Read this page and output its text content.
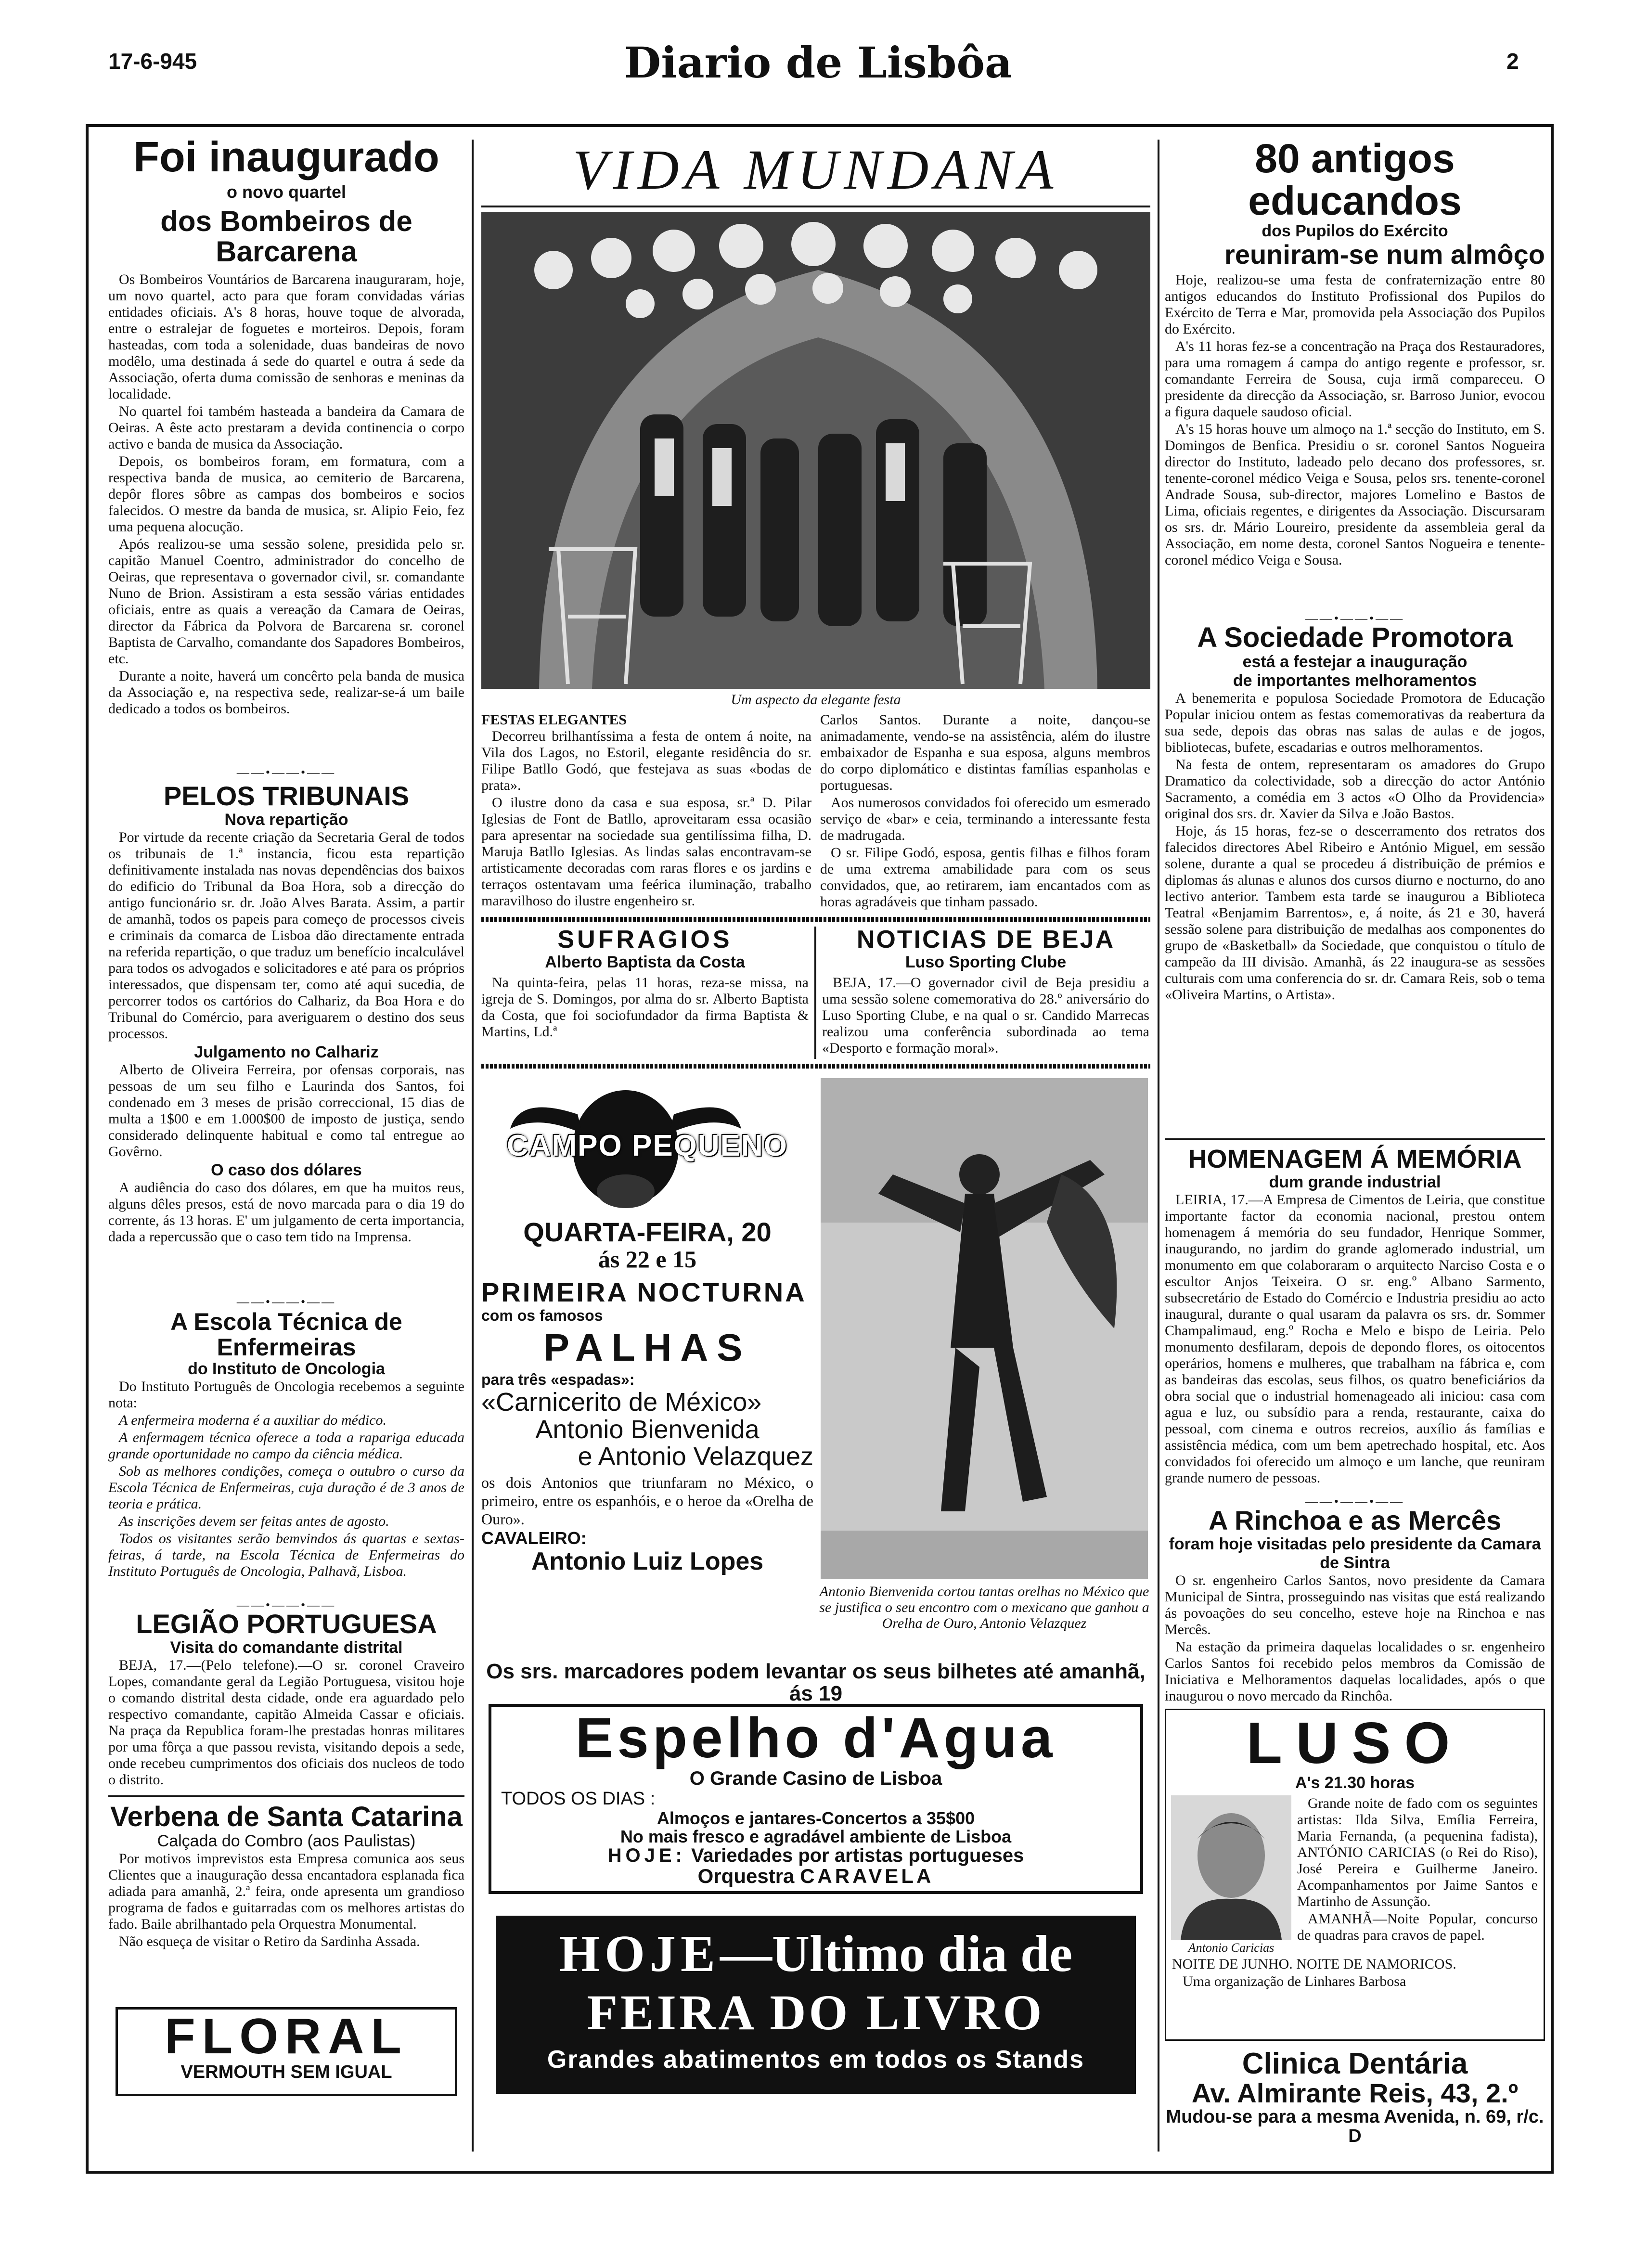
17-6-945	Diario de Lisbôa	2
Foi inaugurado
o novo quartel
dos Bombeiros de Barcarena

Os Bombeiros Vountários de Barcarena inauguraram, hoje, um novo quartel, acto para que foram convidadas várias entidades oficiais. A's 8 horas, houve toque de alvorada, entre o estralejar de foguetes e morteiros. Depois, foram hasteadas, com toda a solenidade, duas bandeiras de novo modêlo, uma destinada á sede do quartel e outra á sede da Associação, oferta duma comissão de senhoras e meninas da localidade.

No quartel foi também hasteada a bandeira da Camara de Oeiras. A êste acto prestaram a devida continencia o corpo activo e banda de musica da Associação.

Depois, os bombeiros foram, em formatura, com a respectiva banda de musica, ao cemiterio de Barcarena, depôr flores sôbre as campas dos bombeiros e socios falecidos. O mestre da banda de musica, sr. Alipio Feio, fez uma pequena alocução.

Após realizou-se uma sessão solene, presidida pelo sr. capitão Manuel Coentro, administrador do concelho de Oeiras, que representava o governador civil, sr. comandante Nuno de Brion. Assistiram a esta sessão várias entidades oficiais, entre as quais a vereação da Camara de Oeiras, director da Fábrica da Polvora de Barcarena sr. coronel Baptista de Carvalho, comandante dos Sapadores Bombeiros, etc.

Durante a noite, haverá um concêrto pela banda de musica da Associação e, na respectiva sede, realizar-se-á um baile dedicado a todos os bombeiros.

——•——•——
PELOS TRIBUNAIS
Nova repartição

Por virtude da recente criação da Secretaria Geral de todos os tribunais de 1.ª instancia, ficou esta repartição definitivamente instalada nas novas dependências dos baixos do edificio do Tribunal da Boa Hora, sob a direcção do antigo funcionário sr. dr. João Alves Barata. Assim, a partir de amanhã, todos os papeis para começo de processos civeis e criminais da comarca de Lisboa dão directamente entrada na referida repartição, o que traduz um benefício incalculável para todos os advogados e solicitadores e até para os próprios interessados, que dispensam ter, como até aqui sucedia, de percorrer todos os cartórios do Calhariz, da Boa Hora e do Tribunal do Comércio, para averiguarem o destino dos seus processos.

Julgamento no Calhariz

Alberto de Oliveira Ferreira, por ofensas corporais, nas pessoas de um seu filho e Laurinda dos Santos, foi condenado em 3 meses de prisão correccional, 15 dias de multa a 1$00 e em 1.000$00 de imposto de justiça, sendo considerado delinquente habitual e como tal entregue ao Govêrno.

O caso dos dólares

A audiência do caso dos dólares, em que ha muitos reus, alguns dêles presos, está de novo marcada para o dia 19 do corrente, ás 13 horas. E' um julgamento de certa importancia, dada a repercussão que o caso tem tido na Imprensa.

——•——•——
A Escola Técnica de Enfermeiras
do Instituto de Oncologia

Do Instituto Português de Oncologia recebemos a seguinte nota:

A enfermeira moderna é a auxiliar do médico.

A enfermagem técnica oferece a toda a rapariga educada grande oportunidade no campo da ciência médica.

Sob as melhores condições, começa o outubro o curso da Escola Técnica de Enfermeiras, cuja duração é de 3 anos de teoria e prática.

As inscrições devem ser feitas antes de agosto.

Todos os visitantes serão bemvindos ás quartas e sextas-feiras, á tarde, na Escola Técnica de Enfermeiras do Instituto Português de Oncologia, Palhavã, Lisboa.

——•——•——
LEGIÃO PORTUGUESA
Visita do comandante distrital

BEJA, 17.—(Pelo telefone).—O sr. coronel Craveiro Lopes, comandante geral da Legião Portuguesa, visitou hoje o comando distrital desta cidade, onde era aguardado pelo respectivo comandante, capitão Almeida Cassar e oficiais. Na praça da Republica foram-lhe prestadas honras militares por uma fôrça a que passou revista, visitando depois a sede, onde recebeu cumprimentos dos oficiais dos nucleos de todo o distrito.

Verbena de Santa Catarina
Calçada do Combro (aos Paulistas)

Por motivos imprevistos esta Empresa comunica aos seus Clientes que a inauguração dessa encantadora esplanada fica adiada para amanhã, 2.ª feira, onde apresenta um grandioso programa de fados e guitarradas com os melhores artistas do fado. Baile abrilhantado pela Orquestra Monumental.

Não esqueça de visitar o Retiro da Sardinha Assada.

FLORAL
VERMOUTH SEM IGUAL
VIDA MUNDANA
Um aspecto da elegante festa
FESTAS ELEGANTES

Decorreu brilhantíssima a festa de ontem á noite, na Vila dos Lagos, no Estoril, elegante residência do sr. Filipe Batllo Godó, que festejava as suas «bodas de prata».

O ilustre dono da casa e sua esposa, sr.ª D. Pilar Iglesias de Font de Batllo, aproveitaram essa ocasião para apresentar na sociedade sua gentilíssima filha, D. Maruja Batllo Iglesias. As lindas salas encontravam-se artisticamente decoradas com raras flores e os jardins e terraços ostentavam uma feérica iluminação, trabalho maravilhoso do ilustre engenheiro sr.

Carlos Santos. Durante a noite, dançou-se animadamente, vendo-se na assistência, além do ilustre embaixador de Espanha e sua esposa, alguns membros do corpo diplomático e distintas famílias espanholas e portuguesas.

Aos numerosos convidados foi oferecido um esmerado serviço de «bar» e ceia, terminando a interessante festa de madrugada.

O sr. Filipe Godó, esposa, gentis filhas e filhos foram de uma extrema amabilidade para com os seus convidados, que, ao retirarem, iam encantados com as horas agradáveis que tinham passado.

SUFRAGIOS
Alberto Baptista da Costa

Na quinta-feira, pelas 11 horas, reza-se missa, na igreja de S. Domingos, por alma do sr. Alberto Baptista da Costa, que foi sociofundador da firma Baptista & Martins, Ld.ª

NOTICIAS DE BEJA
Luso Sporting Clube

BEJA, 17.—O governador civil de Beja presidiu a uma sessão solene comemorativa do 28.º aniversário do Luso Sporting Clube, e na qual o sr. Candido Marrecas realizou uma conferência subordinada ao tema «Desporto e formação moral».

CAMPO PEQUENO
QUARTA-FEIRA, 20
ás 22 e 15
PRIMEIRA NOCTURNA
com os famosos
PALHAS
para três «espadas»:
«Carnicerito de México»
Antonio Bienvenida
e Antonio Velazquez
os dois Antonios que triunfaram no México, o primeiro, entre os espanhóis, e o heroe da «Orelha de Ouro».
CAVALEIRO:
Antonio Luiz Lopes
Antonio Bienvenida cortou tantas orelhas no México que se justifica o seu encontro com o mexicano que ganhou a Orelha de Ouro, Antonio Velazquez
Os srs. marcadores podem levantar os seus bilhetes até amanhã, ás 19
Espelho d'Agua
O Grande Casino de Lisboa
TODOS OS DIAS :
Almoços e jantares-Concertos a 35$00
No mais fresco e agradável ambiente de Lisboa
HOJE: Variedades por artistas portugueses
Orquestra CARAVELA
HOJE—Ultimo dia de
FEIRA DO LIVRO
Grandes abatimentos em todos os Stands
80 antigos educandos
dos Pupilos do Exército
reuniram-se num almôço

Hoje, realizou-se uma festa de confraternização entre 80 antigos educandos do Instituto Profissional dos Pupilos do Exército de Terra e Mar, promovida pela Associação dos Pupilos do Exército.

A's 11 horas fez-se a concentração na Praça dos Restauradores, para uma romagem á campa do antigo regente e professor, sr. comandante Ferreira de Sousa, cuja irmã compareceu. O presidente da direcção da Associação, sr. Barroso Junior, evocou a figura daquele saudoso oficial.

A's 15 horas houve um almoço na 1.ª secção do Instituto, em S. Domingos de Benfica. Presidiu o sr. coronel Santos Nogueira director do Instituto, ladeado pelo decano dos professores, sr. tenente-coronel médico Veiga e Sousa, pelos srs. tenente-coronel Andrade Sousa, sub-director, majores Lomelino e Bastos de Lima, oficiais regentes, e dirigentes da Associação. Discursaram os srs. dr. Mário Loureiro, presidente da assembleia geral da Associação, em nome desta, coronel Santos Nogueira e tenente-coronel médico Veiga e Sousa.

——•——•——
A Sociedade Promotora
está a festejar a inauguração
de importantes melhoramentos

A benemerita e populosa Sociedade Promotora de Educação Popular iniciou ontem as festas comemorativas da reabertura da sua sede, depois das obras nas salas de aulas e de jogos, bibliotecas, bufete, escadarias e outros melhoramentos.

Na festa de ontem, representaram os amadores do Grupo Dramatico da colectividade, sob a direcção do actor António Sacramento, a comédia em 3 actos «O Olho da Providencia» original dos srs. dr. Xavier da Silva e João Bastos.

Hoje, ás 15 horas, fez-se o descerramento dos retratos dos falecidos directores Abel Ribeiro e António Miguel, em sessão solene, durante a qual se procedeu á distribuição de prémios e diplomas ás alunas e alunos dos cursos diurno e nocturno, do ano lectivo anterior. Tambem esta tarde se inaugurou a Biblioteca Teatral «Benjamim Barrentos», e, á noite, ás 21 e 30, haverá sessão solene para distribuição de medalhas aos componentes do grupo de «Basketball» da Sociedade, que conquistou o título de campeão da III divisão. Amanhã, ás 22 inaugura-se as sessões culturais com uma conferencia do sr. dr. Camara Reis, sob o tema «Oliveira Martins, o Artista».

HOMENAGEM Á MEMÓRIA
dum grande industrial

LEIRIA, 17.—A Empresa de Cimentos de Leiria, que constitue importante factor da economia nacional, prestou ontem homenagem á memória do seu fundador, Henrique Sommer, inaugurando, no jardim do grande aglomerado industrial, um monumento em que colaboraram o arquitecto Narciso Costa e o escultor Anjos Teixeira. O sr. eng.º Albano Sarmento, subsecretário de Estado do Comércio e Industria presidiu ao acto inaugural, durante o qual usaram da palavra os srs. dr. Sommer Champalimaud, eng.º Rocha e Melo e bispo de Leiria. Pelo monumento desfilaram, depois de depondo flores, os oitocentos operários, homens e mulheres, que trabalham na fábrica e, com as bandeiras das escolas, seus filhos, os quatro beneficiários da obra social que o industrial homenageado ali iniciou: casa com agua e luz, ou subsídio para a renda, restaurante, caixa do pessoal, com cinema e outros recreios, auxílio ás famílias e assistência médica, com um bem apetrechado hospital, etc. Aos convidados foi oferecido um almoço e um lanche, que reuniram grande numero de pessoas.

——•——•——
A Rinchoa e as Mercês
foram hoje visitadas pelo presidente da Camara de Sintra

O sr. engenheiro Carlos Santos, novo presidente da Camara Municipal de Sintra, prosseguindo nas visitas que está realizando ás povoações do seu concelho, esteve hoje na Rinchoa e nas Mercês.

Na estação da primeira daquelas localidades o sr. engenheiro Carlos Santos foi recebido pelos membros da Comissão de Iniciativa e Melhoramentos daquelas localidades, após o que inaugurou o novo mercado da Rinchôa.

LUSO
A's 21.30 horas
Antonio Caricias

Grande noite de fado com os seguintes artistas: Ilda Silva, Emília Ferreira, Maria Fernanda, (a pequenina fadista), ANTÓNIO CARICIAS (o Rei do Riso), José Pereira e Guilherme Janeiro. Acompanhamentos por Jaime Santos e Martinho de Assunção.

AMANHÃ—Noite Popular, concurso de quadras para cravos de papel.

NOITE DE JUNHO. NOITE DE NAMORICOS.

Uma organização de Linhares Barbosa

Clinica Dentária
Av. Almirante Reis, 43, 2.º
Mudou-se para a mesma Avenida, n. 69, r/c. D
